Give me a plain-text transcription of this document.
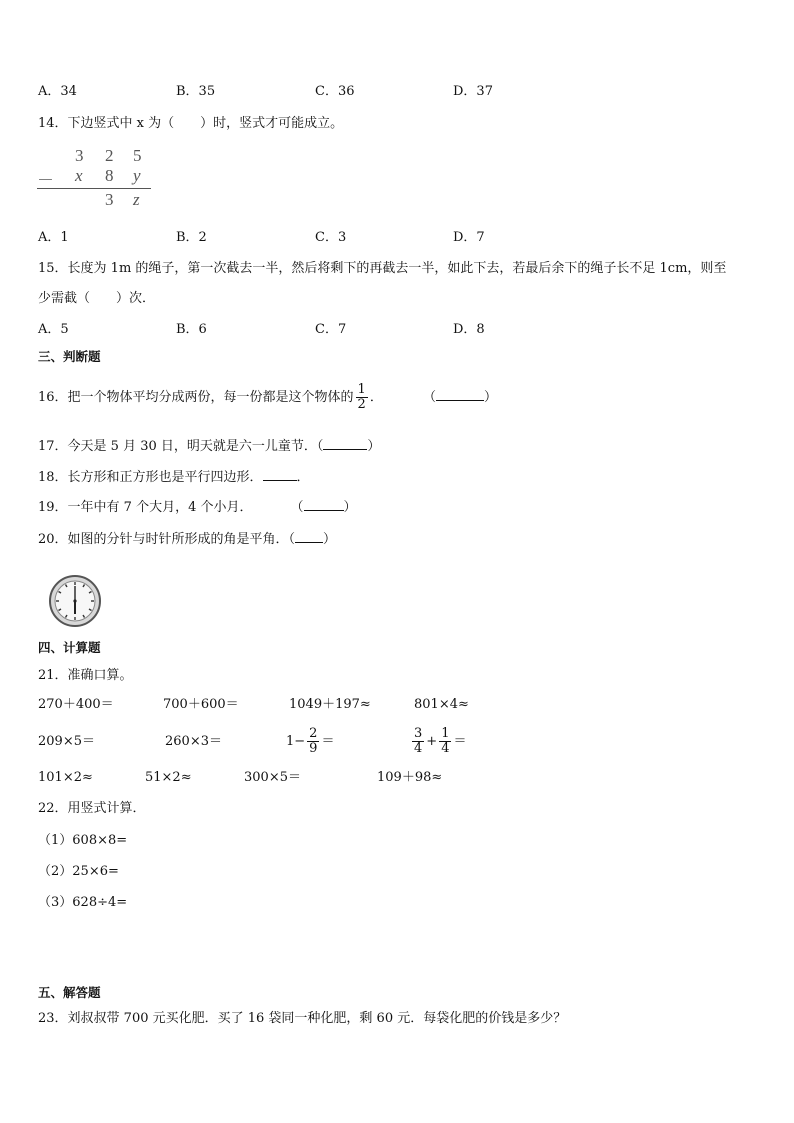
A．34	B．35	C．36	D．37
14．下边竖式中 x 为（　　）时，竖式才可能成立。
3 2 5
－ x 8 y
3 z
A．1	B．2	C．3	D．7
15．长度为 1m 的绳子，第一次截去一半，然后将剩下的再截去一半，如此下去，若最后余下的绳子长不足 1cm，则至
少需截（　　）次．
A．5	B．6	C．7	D．8
三、判断题
16．把一个物体平均分成两份，每一份都是这个物体的 $\frac{1}{2}$ ．	（	）
17．今天是 5 月 30 日，明天就是六一儿童节．（	）
18．长方形和正方形也是平行四边形．	．
19．一年中有 7 个大月，4 个小月．	（	）
20．如图的分针与时针所形成的角是平角．（ ）
四、计算题
21．准确口算。
270＋400＝	700＋600＝	1049＋197≈	801×4≈
209×5＝	260×3＝	$1- \frac{2}{9}$ ＝	$\frac{3}{4} + \frac{1}{4}$ ＝
101×2≈	51×2≈	300×5＝	109＋98≈
22．用竖式计算．
（1）608×8=
（2）25×6=
（3）628÷4=
五、解答题
23．刘叔叔带 700 元买化肥．买了 16 袋同一种化肥，剩 60 元．每袋化肥的价钱是多少？
